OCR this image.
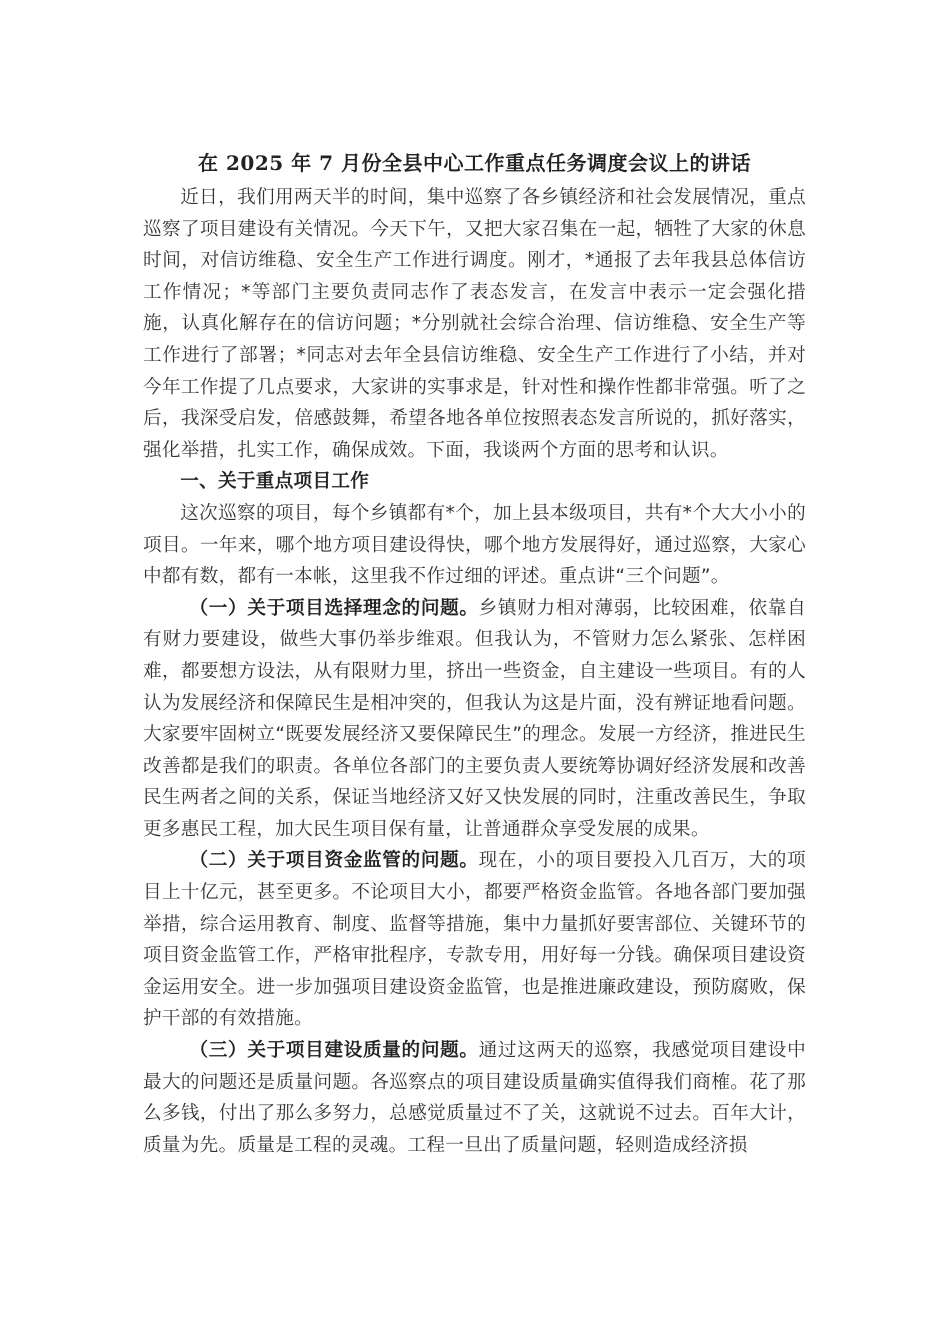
在 2025 年 7 月份全县中心工作重点任务调度会议上的讲话

近日，我们用两天半的时间，集中巡察了各乡镇经济和社会发展情况，重点巡察了项目建设有关情况。今天下午，又把大家召集在一起，牺牲了大家的休息时间，对信访维稳、安全生产工作进行调度。刚才，*通报了去年我县总体信访工作情况；*等部门主要负责同志作了表态发言，在发言中表示一定会强化措施，认真化解存在的信访问题；*分别就社会综合治理、信访维稳、安全生产等工作进行了部署；*同志对去年全县信访维稳、安全生产工作进行了小结，并对今年工作提了几点要求，大家讲的实事求是，针对性和操作性都非常强。听了之后，我深受启发，倍感鼓舞，希望各地各单位按照表态发言所说的，抓好落实，强化举措，扎实工作，确保成效。下面，我谈两个方面的思考和认识。

一、关于重点项目工作

这次巡察的项目，每个乡镇都有*个，加上县本级项目，共有*个大大小小的项目。一年来，哪个地方项目建设得快，哪个地方发展得好，通过巡察，大家心中都有数，都有一本帐，这里我不作过细的评述。重点讲“三个问题”。

（一）关于项目选择理念的问题。乡镇财力相对薄弱，比较困难，依靠自有财力要建设，做些大事仍举步维艰。但我认为，不管财力怎么紧张、怎样困难，都要想方设法，从有限财力里，挤出一些资金，自主建设一些项目。有的人认为发展经济和保障民生是相冲突的，但我认为这是片面，没有辨证地看问题。大家要牢固树立“既要发展经济又要保障民生”的理念。发展一方经济，推进民生改善都是我们的职责。各单位各部门的主要负责人要统筹协调好经济发展和改善民生两者之间的关系，保证当地经济又好又快发展的同时，注重改善民生，争取更多惠民工程，加大民生项目保有量，让普通群众享受发展的成果。

（二）关于项目资金监管的问题。现在，小的项目要投入几百万，大的项目上十亿元，甚至更多。不论项目大小，都要严格资金监管。各地各部门要加强举措，综合运用教育、制度、监督等措施，集中力量抓好要害部位、关键环节的项目资金监管工作，严格审批程序，专款专用，用好每一分钱。确保项目建设资金运用安全。进一步加强项目建设资金监管，也是推进廉政建设，预防腐败，保护干部的有效措施。

（三）关于项目建设质量的问题。通过这两天的巡察，我感觉项目建设中最大的问题还是质量问题。各巡察点的项目建设质量确实值得我们商榷。花了那么多钱，付出了那么多努力，总感觉质量过不了关，这就说不过去。百年大计，质量为先。质量是工程的灵魂。工程一旦出了质量问题，轻则造成经济损
